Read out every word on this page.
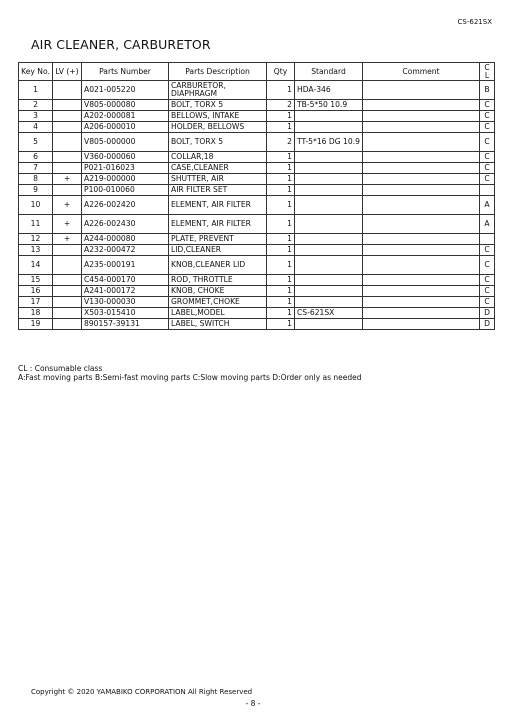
CS-621SX
AIR CLEANER, CARBURETOR
Key No.	LV (+)	Parts Number	Parts Description	Qty	Standard	Comment	C L
1		A021-005220	CARBURETOR, DIAPHRAGM	1	HDA-346		B
2		V805-000080	BOLT, TORX 5	2	TB-5*50 10.9		C
3		A202-000081	BELLOWS, INTAKE	1			C
4		A206-000010	HOLDER, BELLOWS	1			C
5		V805-000000	BOLT, TORX 5	2	TT-5*16 DG 10.9		C
6		V360-000060	COLLAR,18	1			C
7		P021-016023	CASE,CLEANER	1			C
8	+	A219-000000	SHUTTER, AIR	1			C
9		P100-010060	AIR FILTER SET	1			
10	+	A226-002420	ELEMENT, AIR FILTER	1			A
11	+	A226-002430	ELEMENT, AIR FILTER	1			A
12	+	A244-000080	PLATE, PREVENT	1			
13		A232-000472	LID,CLEANER	1			C
14		A235-000191	KNOB,CLEANER LID	1			C
15		C454-000170	ROD, THROTTLE	1			C
16		A241-000172	KNOB, CHOKE	1			C
17		V130-000030	GROMMET,CHOKE	1			C
18		X503-015410	LABEL,MODEL	1	CS-621SX		D
19		890157-39131	LABEL, SWITCH	1			D
CL : Consumable class
A:Fast moving parts B:Semi-fast moving parts C:Slow moving parts D:Order only as needed
Copyright © 2020 YAMABIKO CORPORATION All Right Reserved
- 8 -
